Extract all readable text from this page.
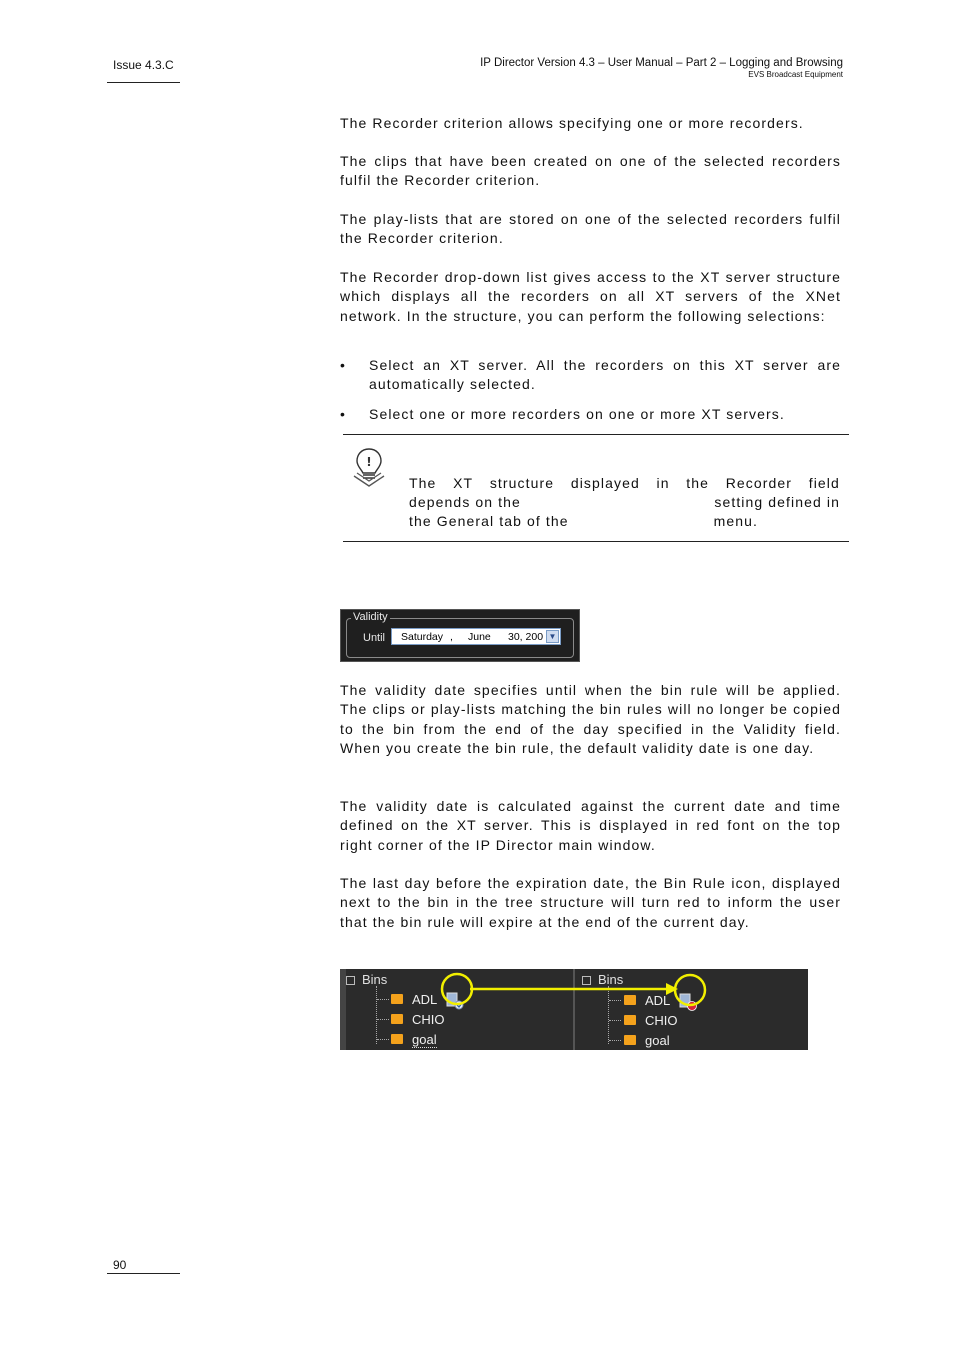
Issue 4.3.C	IP Director Version 4.3 – User Manual – Part 2 – Logging and Browsing
EVS Broadcast Equipment

The Recorder criterion allows specifying one or more recorders.

The clips that have been created on one of the selected recorders fulfil the Recorder criterion.

The play-lists that are stored on one of the selected recorders fulfil the Recorder criterion.

The Recorder drop-down list gives access to the XT server structure which displays all the recorders on all XT servers of the XNet network. In the structure, you can perform the following selections:

• Select an XT server. All the recorders on this XT server are automatically selected.
• Select one or more recorders on one or more XT servers.
!
The XT structure displayed in the Recorder field
depends on the	setting defined in
the General tab of the	menu.
Validity
Until Saturday , June 30, 200 ▼

The validity date specifies until when the bin rule will be applied. The clips or play-lists matching the bin rules will no longer be copied to the bin from the end of the day specified in the Validity field. When you create the bin rule, the default validity date is one day.

The validity date is calculated against the current date and time defined on the XT server. This is displayed in red font on the top right corner of the IP Director main window.

The last day before the expiration date, the Bin Rule icon, displayed next to the bin in the tree structure will turn red to inform the user that the bin rule will expire at the end of the current day.

Bins
ADL
CHIO
goal
Bins
ADL
CHIO
goal
90
